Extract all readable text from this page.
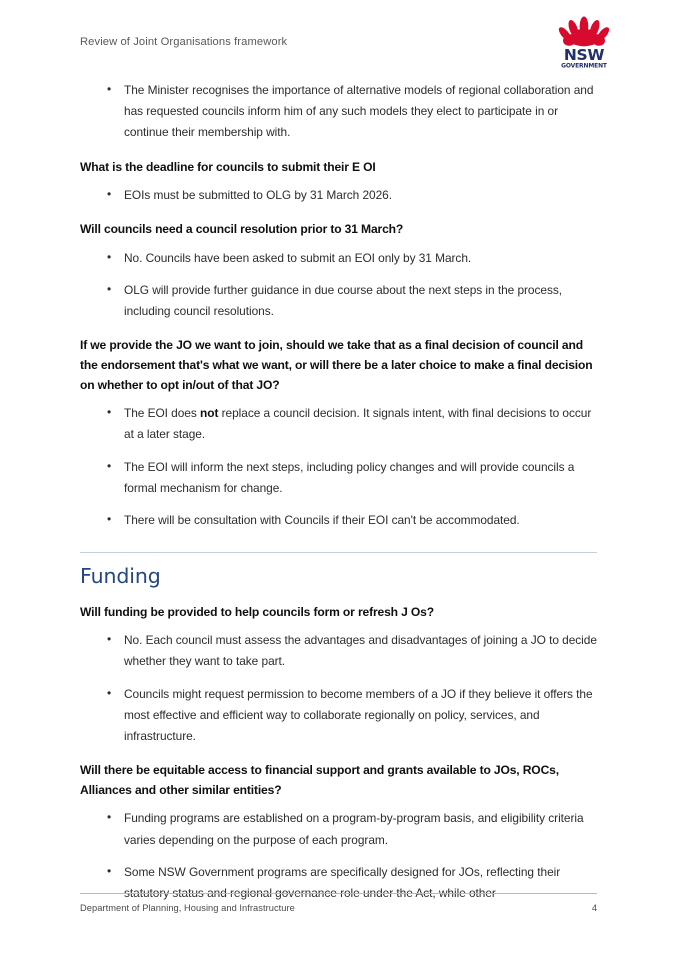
Review of Joint Organisations framework
NSW
GOVERNMENT
• The Minister recognises the importance of alternative models of regional collaboration and has requested councils inform him of any such models they elect to participate in or continue their membership with.
What is the deadline for councils to submit their E OI
• EOIs must be submitted to OLG by 31 March 2026.
Will councils need a council resolution prior to 31 March?
• No. Councils have been asked to submit an EOI only by 31 March.
• OLG will provide further guidance in due course about the next steps in the process, including council resolutions.
If we provide the JO we want to join, should we take that as a final decision of council and the endorsement that's what we want, or will there be a later choice to make a final decision on whether to opt in/out of that JO?
• The EOI does not replace a council decision. It signals intent, with final decisions to occur at a later stage.
• The EOI will inform the next steps, including policy changes and will provide councils a formal mechanism for change.
• There will be consultation with Councils if their EOI can't be accommodated.
Funding
Will funding be provided to help councils form or refresh J Os?
• No. Each council must assess the advantages and disadvantages of joining a JO to decide whether they want to take part.
• Councils might request permission to become members of a JO if they believe it offers the most effective and efficient way to collaborate regionally on policy, services, and infrastructure.
Will there be equitable access to financial support and grants available to JOs, ROCs, Alliances and other similar entities?
• Funding programs are established on a program-by-program basis, and eligibility criteria varies depending on the purpose of each program.
• Some NSW Government programs are specifically designed for JOs, reflecting their statutory status and regional governance role under the Act, while other
Department of Planning, Housing and Infrastructure	4
